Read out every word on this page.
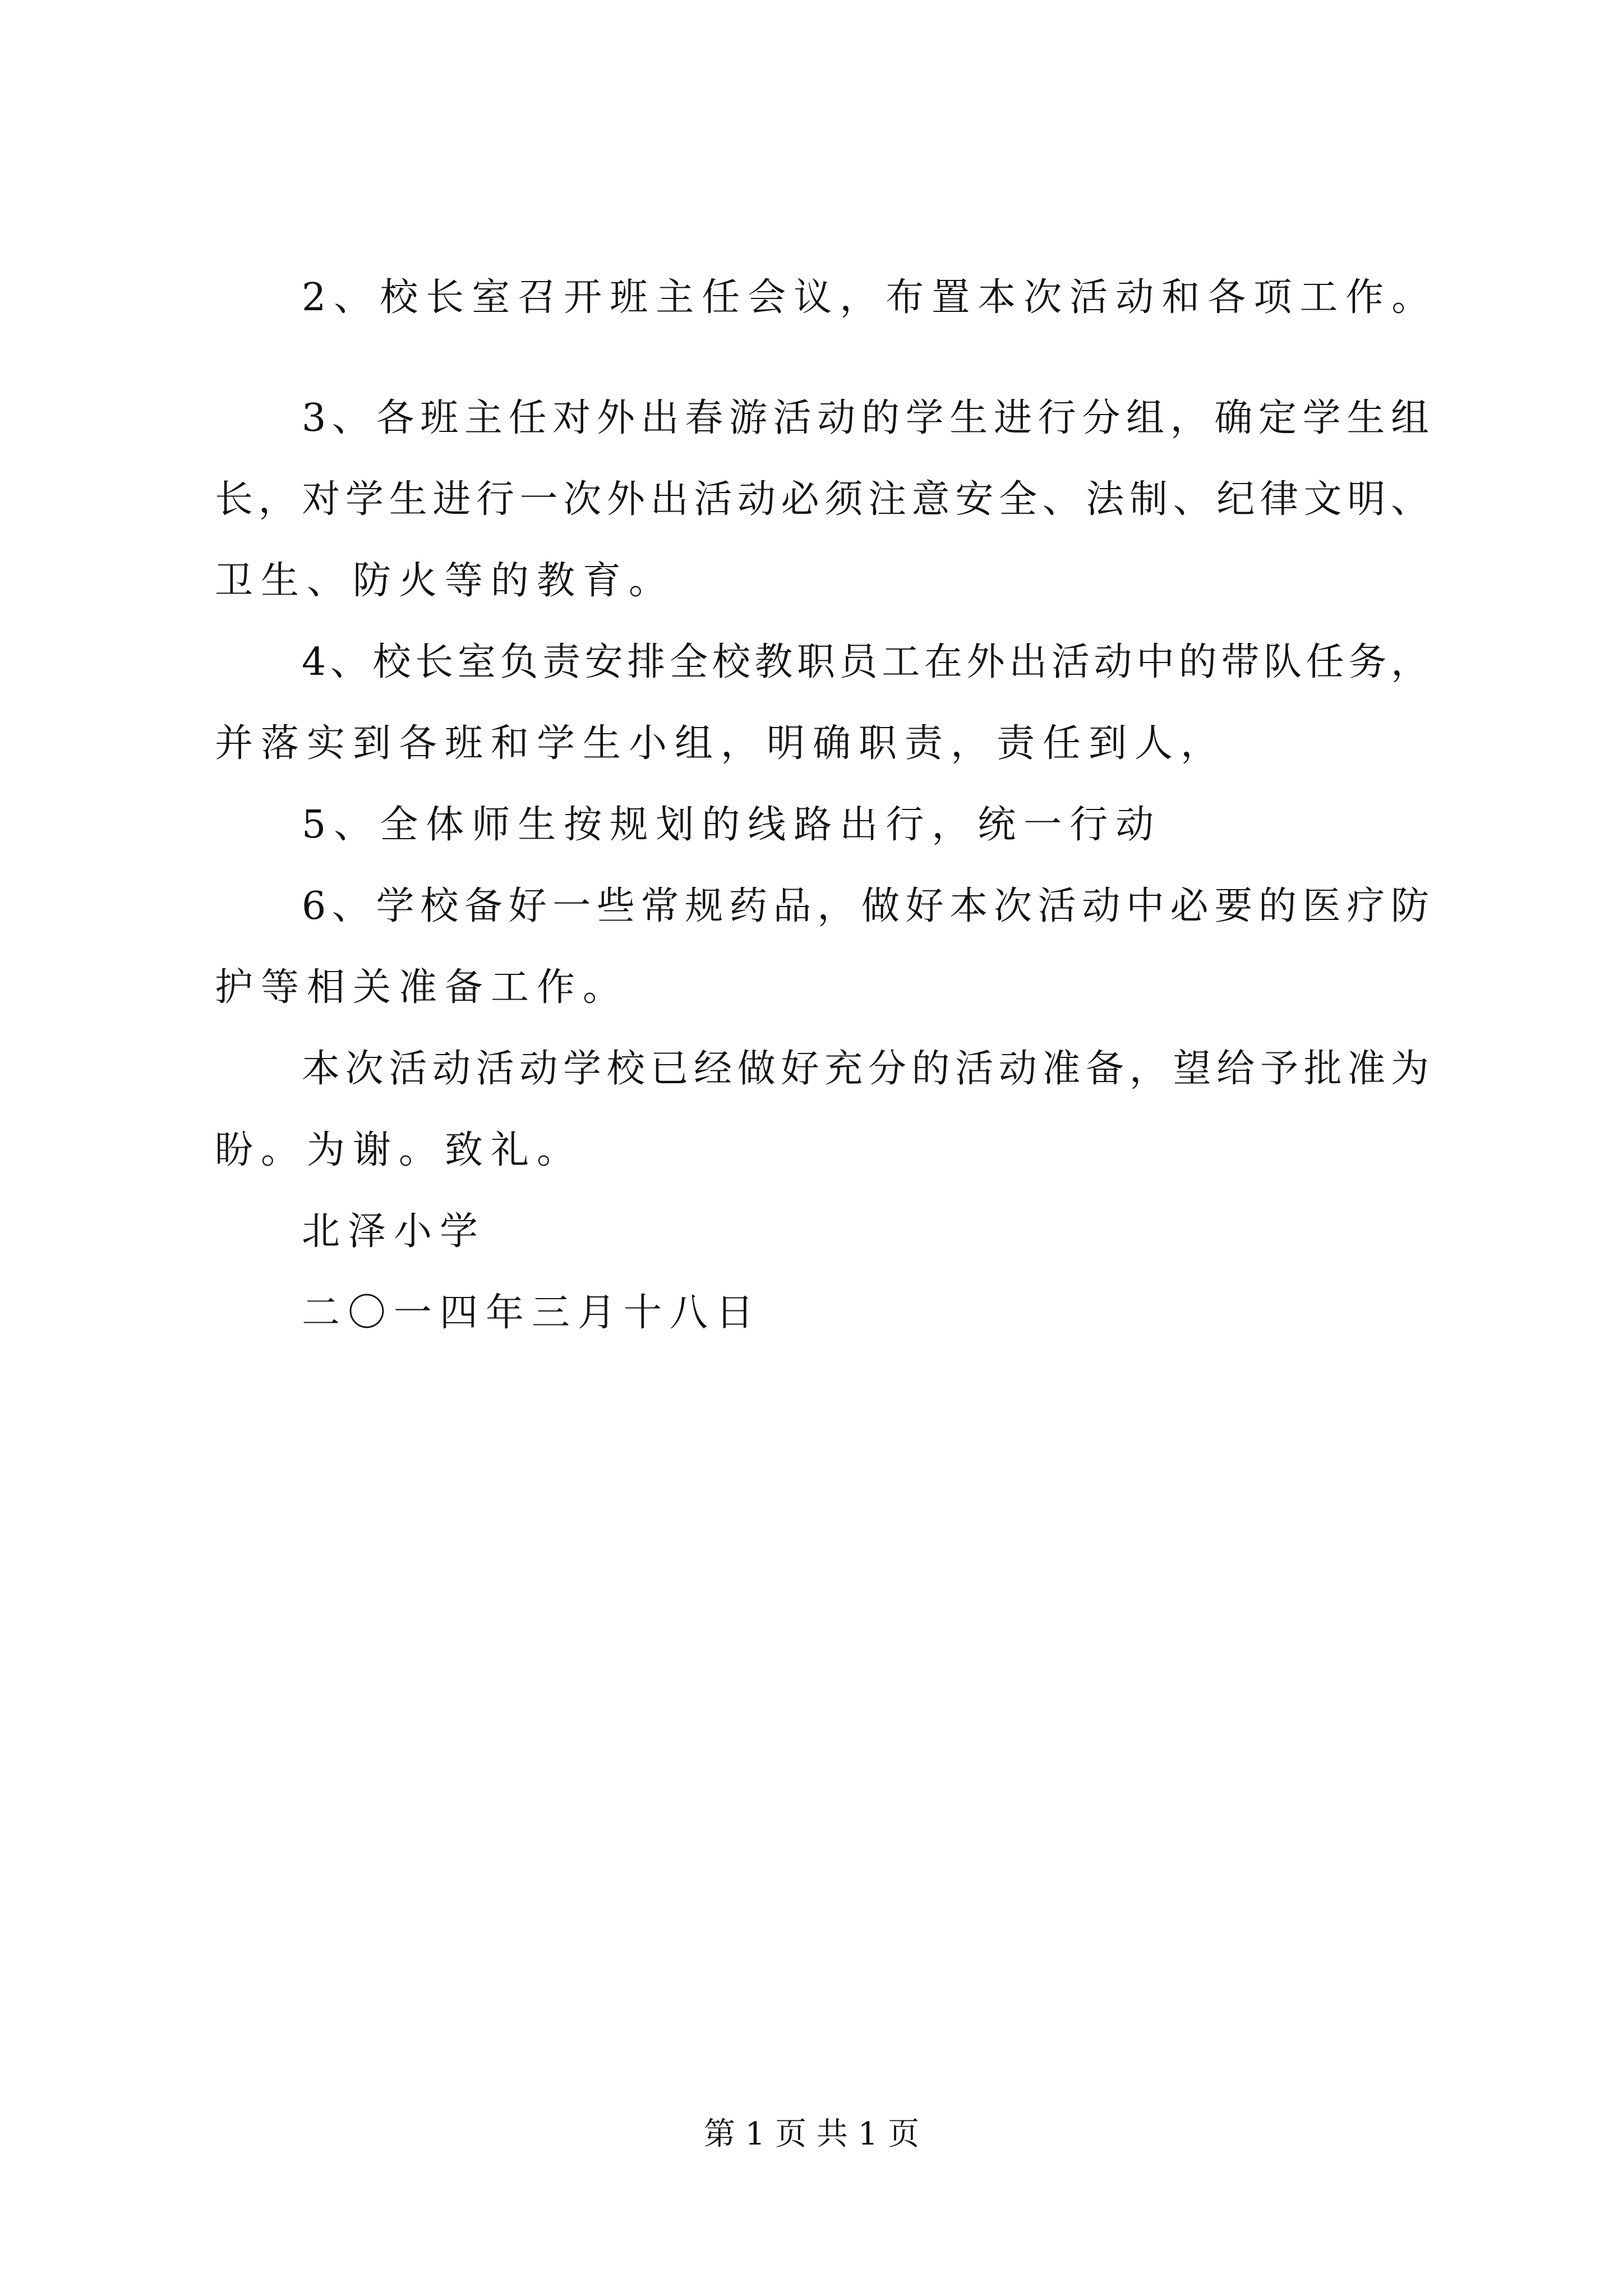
2、校长室召开班主任会议，布置本次活动和各项工作。
3、各班主任对外出春游活动的学生进行分组，确定学生组
长，对学生进行一次外出活动必须注意安全、法制、纪律文明、
卫生、防火等的教育。
4、校长室负责安排全校教职员工在外出活动中的带队任务，
并落实到各班和学生小组，明确职责，责任到人，
5、全体师生按规划的线路出行，统一行动
6、学校备好一些常规药品，做好本次活动中必要的医疗防
护等相关准备工作。
本次活动活动学校已经做好充分的活动准备，望给予批准为
盼。为谢。致礼。
北泽小学
二〇一四年三月十八日
第 1 页 共 1 页
